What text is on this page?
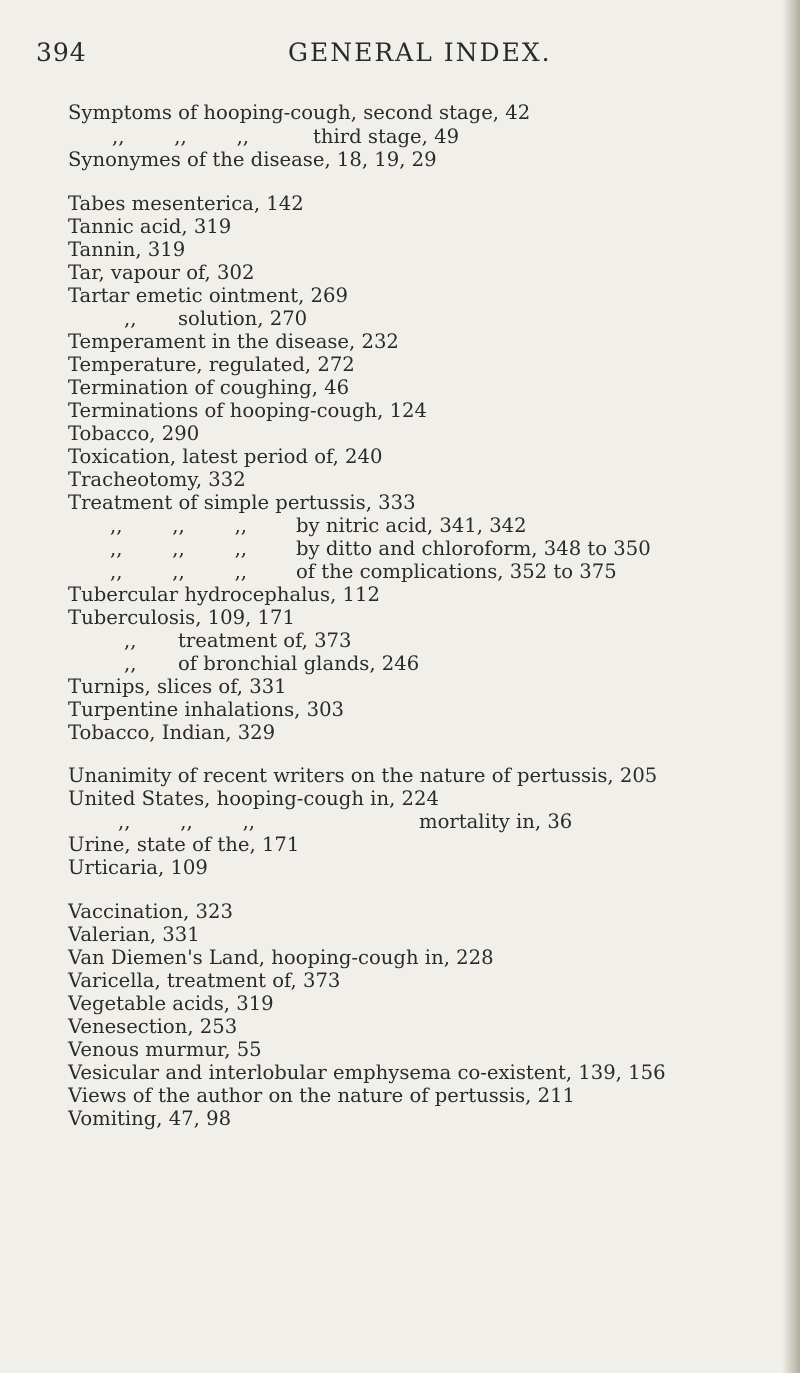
394	GENERAL INDEX.
Symptoms of hooping-cough, second stage, 42
,,        ,,        ,,	third stage, 49
Synonymes of the disease, 18, 19, 29
Tabes mesenterica, 142
Tannic acid, 319
Tannin, 319
Tar, vapour of, 302
Tartar emetic ointment, 269
,, solution, 270
Temperament in the disease, 232
Temperature, regulated, 272
Termination of coughing, 46
Terminations of hooping-cough, 124
Tobacco, 290
Toxication, latest period of, 240
Tracheotomy, 332
Treatment of simple pertussis, 333
,,        ,,        ,, by nitric acid, 341, 342
,,        ,,        ,, by ditto and chloroform, 348 to 350
,,        ,,        ,, of the complications, 352 to 375
Tubercular hydrocephalus, 112
Tuberculosis, 109, 171
,, treatment of, 373
,, of bronchial glands, 246
Turnips, slices of, 331
Turpentine inhalations, 303
Tobacco, Indian, 329
Unanimity of recent writers on the nature of pertussis, 205
United States, hooping-cough in, 224
,,        ,,        ,,	mortality in, 36
Urine, state of the, 171
Urticaria, 109
Vaccination, 323
Valerian, 331
Van Diemen's Land, hooping-cough in, 228
Varicella, treatment of, 373
Vegetable acids, 319
Venesection, 253
Venous murmur, 55
Vesicular and interlobular emphysema co-existent, 139, 156
Views of the author on the nature of pertussis, 211
Vomiting, 47, 98
